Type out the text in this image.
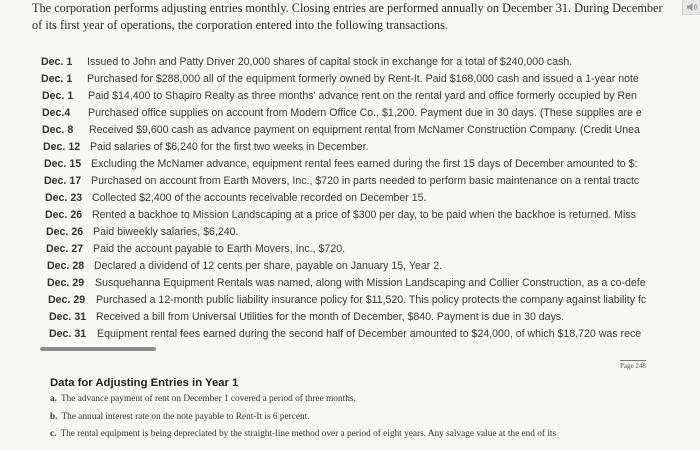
The corporation performs adjusting entries monthly. Closing entries are performed annually on December 31. During December of its first year of operations, the corporation entered into the following transactions.
Dec. 1 Issued to John and Patty Driver 20,000 shares of capital stock in exchange for a total of $240,000 cash.
Dec. 1 Purchased for $288,000 all of the equipment formerly owned by Rent-It. Paid $168,000 cash and issued a 1-year note
Dec. 1 Paid $14,400 to Shapiro Realty as three months' advance rent on the rental yard and office formerly occupied by Ren
Dec.4 Purchased office supplies on account from Modern Office Co., $1,200. Payment due in 30 days. (These supplies are e
Dec. 8 Received $9,600 cash as advance payment on equipment rental from McNamer Construction Company. (Credit Unea
Dec. 12 Paid salaries of $6,240 for the first two weeks in December.
Dec. 15 Excluding the McNamer advance, equipment rental fees earned during the first 15 days of December amounted to $:
Dec. 17 Purchased on account from Earth Movers, Inc., $720 in parts needed to perform basic maintenance on a rental tractc
Dec. 23 Collected $2,400 of the accounts receivable recorded on December 15.
Dec. 26 Rented a backhoe to Mission Landscaping at a price of $300 per day, to be paid when the backhoe is returned. Miss
Dec. 26 Paid biweekly salaries, $6,240.
Dec. 27 Paid the account payable to Earth Movers, Inc., $720.
Dec. 28 Declared a dividend of 12 cents per share, payable on January 15, Year 2.
Dec. 29 Susquehanna Equipment Rentals was named, along with Mission Landscaping and Collier Construction, as a co-defe
Dec. 29 Purchased a 12-month public liability insurance policy for $11,520. This policy protects the company against liability fc
Dec. 31 Received a bill from Universal Utilities for the month of December, $840. Payment is due in 30 days.
Dec. 31 Equipment rental fees earned during the second half of December amounted to $24,000, of which $18,720 was rece
Page 248
Data for Adjusting Entries in Year 1
a. The advance payment of rent on December 1 covered a period of three months.
b. The annual interest rate on the note payable to Rent-It is 6 percent.
c. The rental equipment is being depreciated by the straight-line method over a period of eight years. Any salvage value at the end of its
